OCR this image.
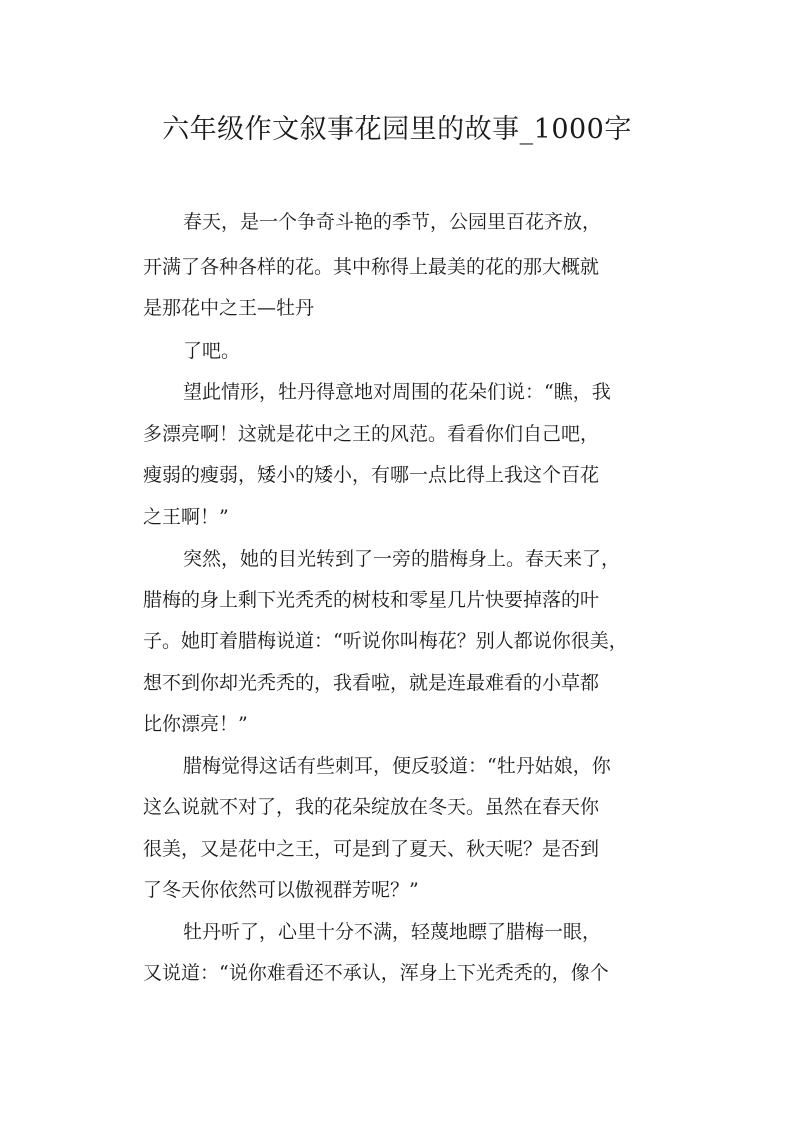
六年级作文叙事花园里的故事_1000字

春天，是一个争奇斗艳的季节，公园里百花齐放，

开满了各种各样的花。其中称得上最美的花的那大概就

是那花中之王—牡丹

了吧。

望此情形，牡丹得意地对周围的花朵们说：“瞧，我

多漂亮啊！这就是花中之王的风范。看看你们自己吧，

瘦弱的瘦弱，矮小的矮小，有哪一点比得上我这个百花

之王啊！”

突然，她的目光转到了一旁的腊梅身上。春天来了，

腊梅的身上剩下光秃秃的树枝和零星几片快要掉落的叶

子。她盯着腊梅说道：“听说你叫梅花？别人都说你很美，

想不到你却光秃秃的，我看啦，就是连最难看的小草都

比你漂亮！”

腊梅觉得这话有些刺耳，便反驳道：“牡丹姑娘，你

这么说就不对了，我的花朵绽放在冬天。虽然在春天你

很美，又是花中之王，可是到了夏天、秋天呢？是否到

了冬天你依然可以傲视群芳呢？”

牡丹听了，心里十分不满，轻蔑地瞟了腊梅一眼，

又说道：“说你难看还不承认，浑身上下光秃秃的，像个
